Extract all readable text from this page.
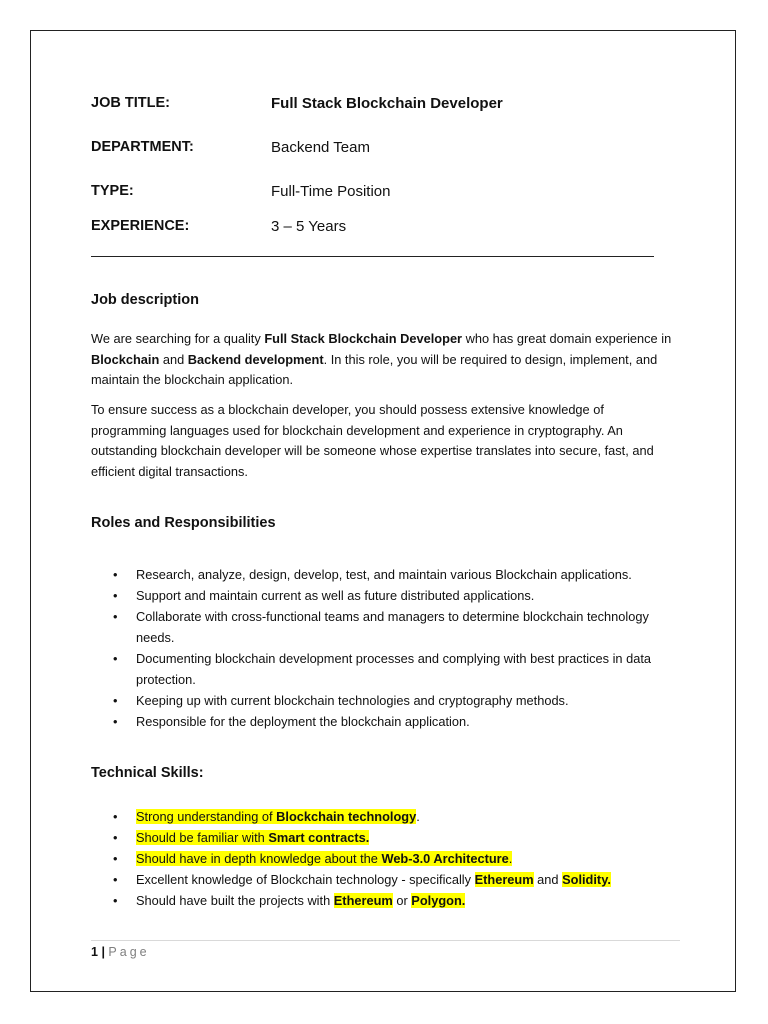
JOB TITLE:	Full Stack Blockchain Developer
DEPARTMENT:	Backend Team
TYPE:	Full-Time Position
EXPERIENCE:	3 – 5 Years
Job description

We are searching for a quality Full Stack Blockchain Developer who has great domain experience in Blockchain and Backend development. In this role, you will be required to design, implement, and maintain the blockchain application.

To ensure success as a blockchain developer, you should possess extensive knowledge of programming languages used for blockchain development and experience in cryptography. An outstanding blockchain developer will be someone whose expertise translates into secure, fast, and efficient digital transactions.

Roles and Responsibilities
• Research, analyze, design, develop, test, and maintain various Blockchain applications.
• Support and maintain current as well as future distributed applications.
• Collaborate with cross-functional teams and managers to determine blockchain technology needs.
• Documenting blockchain development processes and complying with best practices in data protection.
• Keeping up with current blockchain technologies and cryptography methods.
• Responsible for the deployment the blockchain application.
Technical Skills:
• Strong understanding of Blockchain technology.
• Should be familiar with Smart contracts.
• Should have in depth knowledge about the Web-3.0 Architecture.
• Excellent knowledge of Blockchain technology - specifically Ethereum and Solidity.
• Should have built the projects with Ethereum or Polygon.
1 | Page
